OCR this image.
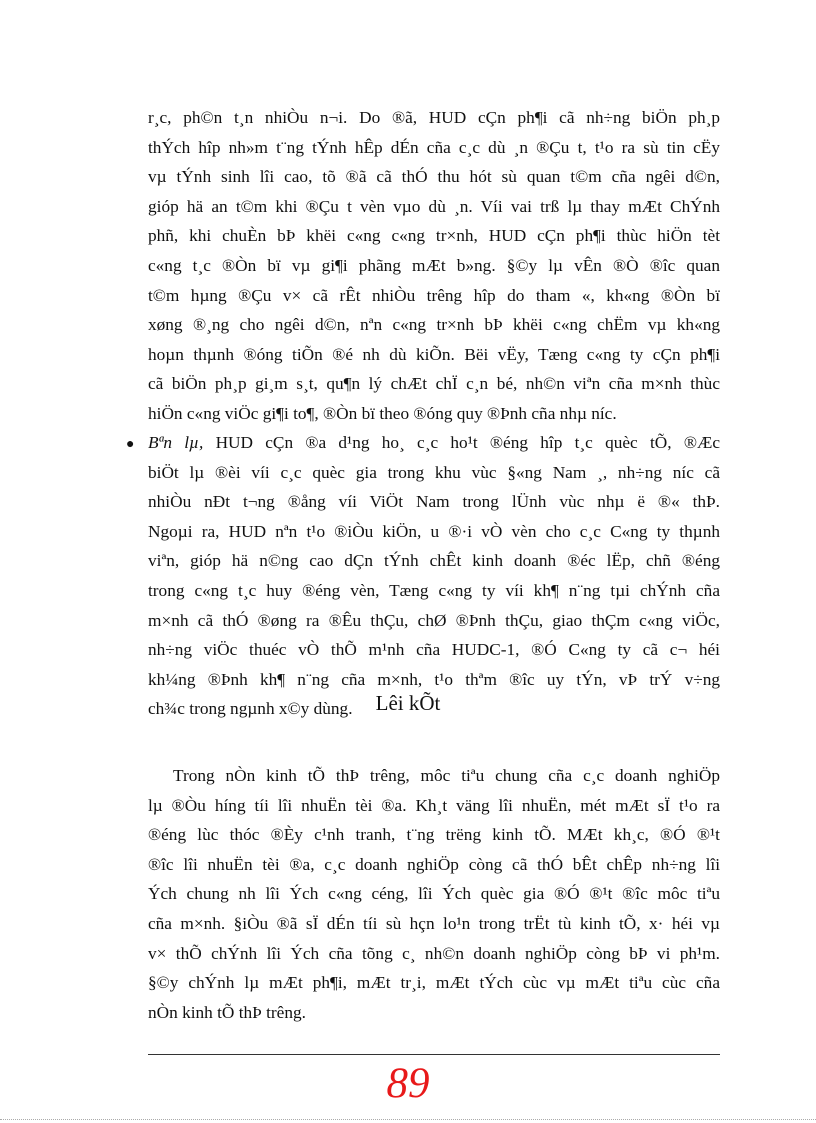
r¸c, ph©n t¸n nhiÒu n¬i. Do ®ã, HUD cÇn ph¶i cã nh÷ng biÖn ph¸p
thÝch hîp nh»m t¨ng tÝnh hÊp dÉn cña c¸c dù ¸n ®Çu t, t¹o ra sù tin cËy
vµ tÝnh sinh lîi cao, tõ ®ã cã thÓ thu hót sù quan t©m cña ngêi d©n,
gióp hä an t©m khi ®Çu t vèn vµo dù ¸n. Víi vai trß lµ thay mÆt ChÝnh
phñ, khi chuÈn bÞ khëi c«ng c«ng tr×nh, HUD cÇn ph¶i thùc hiÖn tèt
c«ng t¸c ®Òn bï vµ gi¶i phãng mÆt b»ng. §©y lµ vÊn ®Ò ®îc quan
t©m hµng ®Çu v× cã rÊt nhiÒu trêng hîp do tham «, kh«ng ®Òn bï
xøng ®¸ng cho ngêi d©n, nªn c«ng tr×nh bÞ khëi c«ng chËm vµ kh«ng
hoµn thµnh ®óng tiÕn ®é nh dù kiÕn. Bëi vËy, Tæng c«ng ty cÇn ph¶i
cã biÖn ph¸p gi¸m s¸t, qu¶n lý chÆt chÏ c¸n bé, nh©n viªn cña m×nh thùc
hiÖn c«ng viÖc gi¶i to¶, ®Òn bï theo ®óng quy ®Þnh cña nhµ níc.
● Bªn lµ, HUD cÇn ®a d¹ng ho¸ c¸c ho¹t ®éng hîp t¸c quèc tÕ, ®Æc
biÖt lµ ®èi víi c¸c quèc gia trong khu vùc §«ng Nam ¸, nh÷ng níc cã
nhiÒu nÐt t¬ng ®ång víi ViÖt Nam trong lÜnh vùc nhµ ë ®« thÞ.
Ngoµi ra, HUD nªn t¹o ®iÒu kiÖn, u ®·i vÒ vèn cho c¸c C«ng ty thµnh
viªn, gióp hä n©ng cao dÇn tÝnh chÊt kinh doanh ®éc lËp, chñ ®éng
trong c«ng t¸c huy ®éng vèn, Tæng c«ng ty víi kh¶ n¨ng tµi chÝnh cña
m×nh cã thÓ ®øng ra ®Êu thÇu, chØ ®Þnh thÇu, giao thÇm c«ng viÖc,
nh÷ng viÖc thuéc vÒ thÕ m¹nh cña HUDC-1, ®Ó C«ng ty cã c¬ héi
kh¼ng ®Þnh kh¶ n¨ng cña m×nh, t¹o thªm ®îc uy tÝn, vÞ trÝ v÷ng
ch¾c trong ngµnh x©y dùng.	Lêi kÕt
Trong nÒn kinh tÕ thÞ trêng, môc tiªu chung cña c¸c doanh nghiÖp
lµ ®Òu híng tíi lîi nhuËn tèi ®a. Kh¸t väng lîi nhuËn, mét mÆt sÏ t¹o ra
®éng lùc thóc ®Èy c¹nh tranh, t¨ng trëng kinh tÕ. MÆt kh¸c, ®Ó ®¹t
®îc lîi nhuËn tèi ®a, c¸c doanh nghiÖp còng cã thÓ bÊt chÊp nh÷ng lîi
Ých chung nh lîi Ých c«ng céng, lîi Ých quèc gia ®Ó ®¹t ®îc môc tiªu
cña m×nh. §iÒu ®ã sÏ dÉn tíi sù hçn lo¹n trong trËt tù kinh tÕ, x· héi vµ
v× thÕ chÝnh lîi Ých cña tõng c¸ nh©n doanh nghiÖp còng bÞ vi ph¹m.
§©y chÝnh lµ mÆt ph¶i, mÆt tr¸i, mÆt tÝch cùc vµ mÆt tiªu cùc cña
nÒn kinh tÕ thÞ trêng.
89
